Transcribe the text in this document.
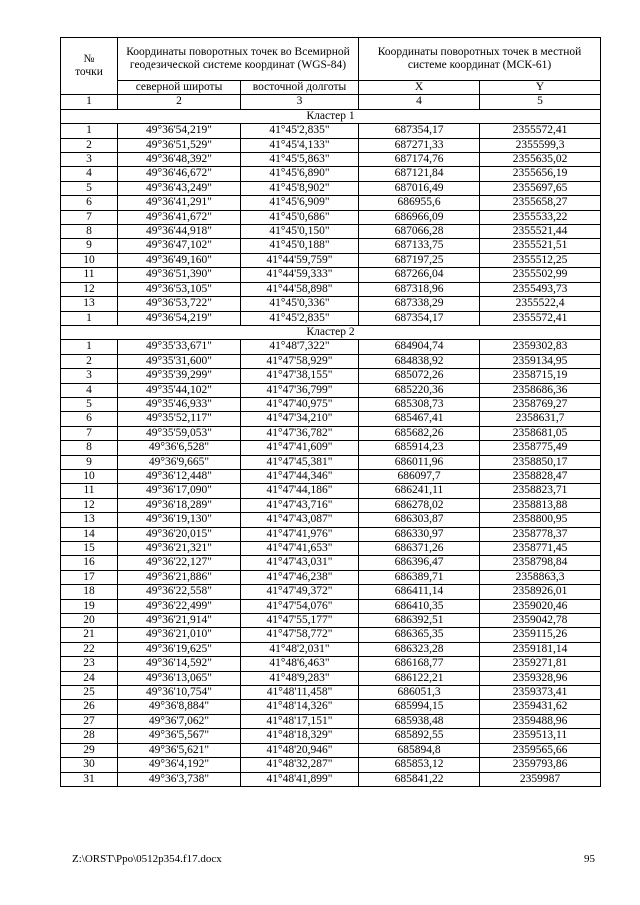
№
точки	Координаты поворотных точек во Всемирной геодезической системе координат (WGS-84)		Координаты поворотных точек в местной системе координат (МСК-61)	
	северной широты	восточной долготы	X	Y
1	2	3	4	5
Кластер 1				
1	49°36'54,219"	41°45'2,835"	687354,17	2355572,41
2	49°36'51,529"	41°45'4,133"	687271,33	2355599,3
3	49°36'48,392"	41°45'5,863"	687174,76	2355635,02
4	49°36'46,672"	41°45'6,890"	687121,84	2355656,19
5	49°36'43,249"	41°45'8,902"	687016,49	2355697,65
6	49°36'41,291"	41°45'6,909"	686955,6	2355658,27
7	49°36'41,672"	41°45'0,686"	686966,09	2355533,22
8	49°36'44,918"	41°45'0,150"	687066,28	2355521,44
9	49°36'47,102"	41°45'0,188"	687133,75	2355521,51
10	49°36'49,160"	41°44'59,759"	687197,25	2355512,25
11	49°36'51,390"	41°44'59,333"	687266,04	2355502,99
12	49°36'53,105"	41°44'58,898"	687318,96	2355493,73
13	49°36'53,722"	41°45'0,336"	687338,29	2355522,4
1	49°36'54,219"	41°45'2,835"	687354,17	2355572,41
Кластер 2				
1	49°35'33,671"	41°48'7,322"	684904,74	2359302,83
2	49°35'31,600"	41°47'58,929"	684838,92	2359134,95
3	49°35'39,299"	41°47'38,155"	685072,26	2358715,19
4	49°35'44,102"	41°47'36,799"	685220,36	2358686,36
5	49°35'46,933"	41°47'40,975"	685308,73	2358769,27
6	49°35'52,117"	41°47'34,210"	685467,41	2358631,7
7	49°35'59,053"	41°47'36,782"	685682,26	2358681,05
8	49°36'6,528"	41°47'41,609"	685914,23	2358775,49
9	49°36'9,665"	41°47'45,381"	686011,96	2358850,17
10	49°36'12,448"	41°47'44,346"	686097,7	2358828,47
11	49°36'17,090"	41°47'44,186"	686241,11	2358823,71
12	49°36'18,289"	41°47'43,716"	686278,02	2358813,88
13	49°36'19,130"	41°47'43,087"	686303,87	2358800,95
14	49°36'20,015"	41°47'41,976"	686330,97	2358778,37
15	49°36'21,321"	41°47'41,653"	686371,26	2358771,45
16	49°36'22,127"	41°47'43,031"	686396,47	2358798,84
17	49°36'21,886"	41°47'46,238"	686389,71	2358863,3
18	49°36'22,558"	41°47'49,372"	686411,14	2358926,01
19	49°36'22,499"	41°47'54,076"	686410,35	2359020,46
20	49°36'21,914"	41°47'55,177"	686392,51	2359042,78
21	49°36'21,010"	41°47'58,772"	686365,35	2359115,26
22	49°36'19,625"	41°48'2,031"	686323,28	2359181,14
23	49°36'14,592"	41°48'6,463"	686168,77	2359271,81
24	49°36'13,065"	41°48'9,283"	686122,21	2359328,96
25	49°36'10,754"	41°48'11,458"	686051,3	2359373,41
26	49°36'8,884"	41°48'14,326"	685994,15	2359431,62
27	49°36'7,062"	41°48'17,151"	685938,48	2359488,96
28	49°36'5,567"	41°48'18,329"	685892,55	2359513,11
29	49°36'5,621"	41°48'20,946"	685894,8	2359565,66
30	49°36'4,192"	41°48'32,287"	685853,12	2359793,86
31	49°36'3,738"	41°48'41,899"	685841,22	2359987
Z:\ORST\Ppo\0512p354.f17.docx	95
